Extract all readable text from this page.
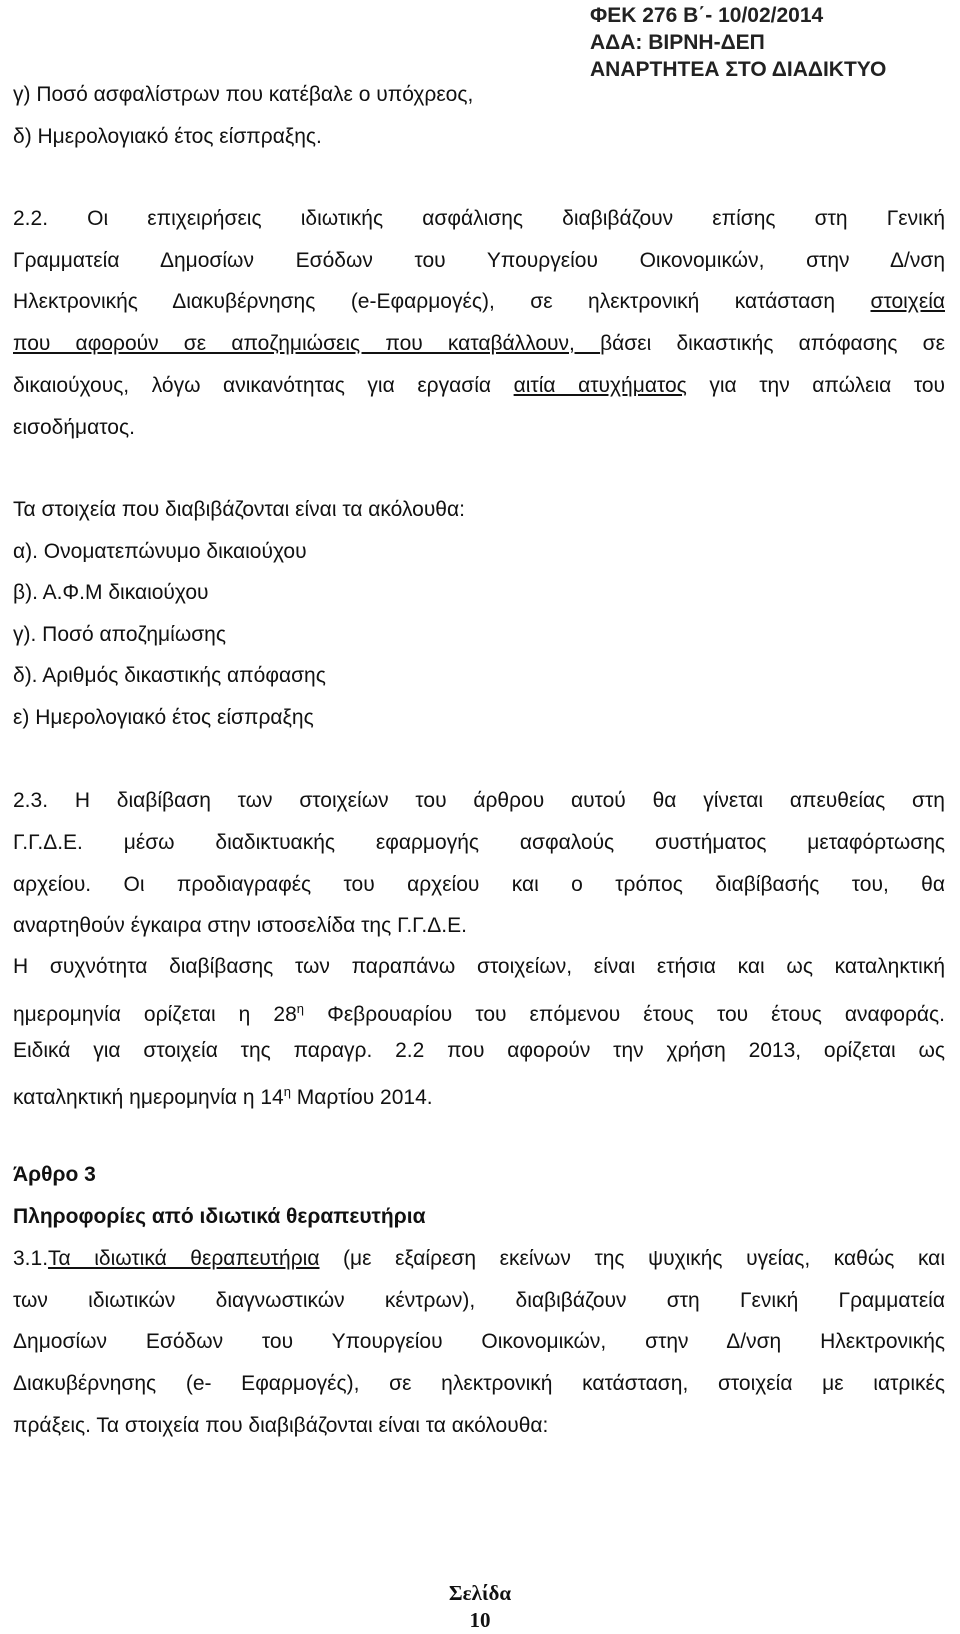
ΦΕΚ 276 Β΄- 10/02/2014
ΑΔΑ: ΒΙΡΝΗ-ΔΕΠ
ΑΝΑΡΤΗΤΕΑ ΣΤΟ ΔΙΑΔΙΚΤΥΟ
γ) Ποσό ασφαλίστρων που κατέβαλε ο υπόχρεος,
δ) Ημερολογιακό έτος είσπραξης.
2.2. Οι επιχειρήσεις ιδιωτικής ασφάλισης διαβιβάζουν επίσης στη Γενική
Γραμματεία Δημοσίων Εσόδων του Υπουργείου Οικονομικών, στην Δ/νση
Ηλεκτρονικής Διακυβέρνησης (e-Εφαρμογές), σε ηλεκτρονική κατάσταση στοιχεία
που αφορούν σε αποζημιώσεις που καταβάλλουν, βάσει δικαστικής απόφασης σε
δικαιούχους, λόγω ανικανότητας για εργασία αιτία ατυχήματος για την απώλεια του
εισοδήματος.
Τα στοιχεία που διαβιβάζονται είναι τα ακόλουθα:
α). Ονοματεπώνυμο δικαιούχου
β). Α.Φ.Μ δικαιούχου
γ). Ποσό αποζημίωσης
δ). Αριθμός δικαστικής απόφασης
ε) Ημερολογιακό έτος είσπραξης
2.3. Η διαβίβαση των στοιχείων του άρθρου αυτού θα γίνεται απευθείας στη
Γ.Γ.Δ.Ε. μέσω διαδικτυακής εφαρμογής ασφαλούς συστήματος μεταφόρτωσης
αρχείου. Οι προδιαγραφές του αρχείου και ο τρόπος διαβίβασής του, θα
αναρτηθούν έγκαιρα στην ιστοσελίδα της Γ.Γ.Δ.Ε.
Η συχνότητα διαβίβασης των παραπάνω στοιχείων, είναι ετήσια και ως καταληκτική
ημερομηνία ορίζεται η $28^\eta$ Φεβρουαρίου του επόμενου έτους του έτους αναφοράς.
Ειδικά για στοιχεία της παραγρ. 2.2 που αφορούν την χρήση 2013, ορίζεται ως
καταληκτική ημερομηνία η $14^\eta$ Μαρτίου 2014.
Άρθρο 3
Πληροφορίες από ιδιωτικά θεραπευτήρια
3.1.Τα ιδιωτικά θεραπευτήρια (με εξαίρεση εκείνων της ψυχικής υγείας, καθώς και
των ιδιωτικών διαγνωστικών κέντρων), διαβιβάζουν στη Γενική Γραμματεία
Δημοσίων Εσόδων του Υπουργείου Οικονομικών, στην Δ/νση Ηλεκτρονικής
Διακυβέρνησης (e- Εφαρμογές), σε ηλεκτρονική κατάσταση, στοιχεία με ιατρικές
πράξεις. Τα στοιχεία που διαβιβάζονται είναι τα ακόλουθα:
Σελίδα
10
